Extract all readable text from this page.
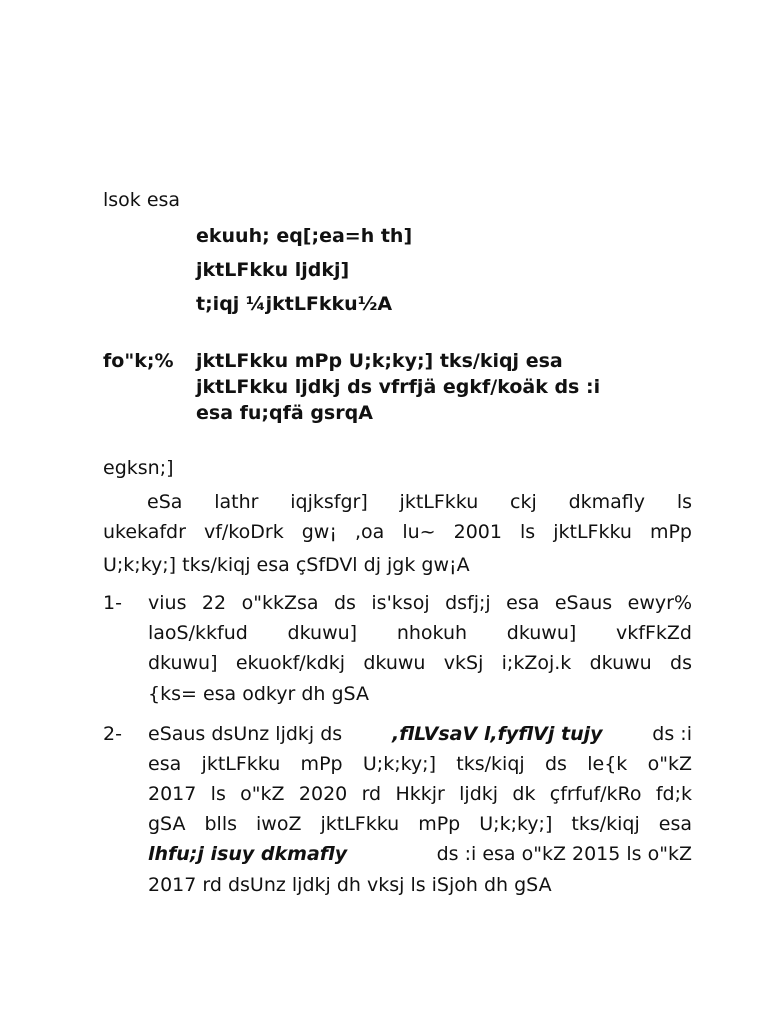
lsok esa
ekuuh; eq[;ea=h th]
jktLFkku ljdkj]
t;iqj ¼jktLFkku½A
fo"k;% jktLFkku mPp U;k;ky;] tks/kiqj esa
jktLFkku ljdkj ds vfrfjä egkf/koäk ds :i
esa fu;qfä gsrqA
egksn;]
eSa lathr iqjksfgr] jktLFkku ckj dkmafly ls
ukekafdr vf/koDrk gw¡ ,oa lu~ 2001 ls jktLFkku mPp
U;k;ky;] tks/kiqj esa çSfDVl dj jgk gw¡A
1- vius 22 o"kkZsa ds is'ksoj dsfj;j esa eSaus ewyr%
laoS/kkfud dkuwu] nhokuh dkuwu] vkfFkZd
dkuwu] ekuokf/kdkj dkuwu vkSj i;kZoj.k dkuwu ds
{ks= esa odkyr dh gSA
2- eSaus dsUnz ljdkj ds	,flLVsaV l,fyflVj tujy	ds :i
esa jktLFkku mPp U;k;ky;] tks/kiqj ds le{k o"kZ
2017 ls o"kZ 2020 rd Hkkjr ljdkj dk çfrfuf/kRo fd;k
gSA blls iwoZ jktLFkku mPp U;k;ky;] tks/kiqj esa
lhfu;j isuy dkmafly	ds :i esa o"kZ 2015 ls o"kZ
2017 rd dsUnz ljdkj dh vksj ls iSjoh dh gSA
